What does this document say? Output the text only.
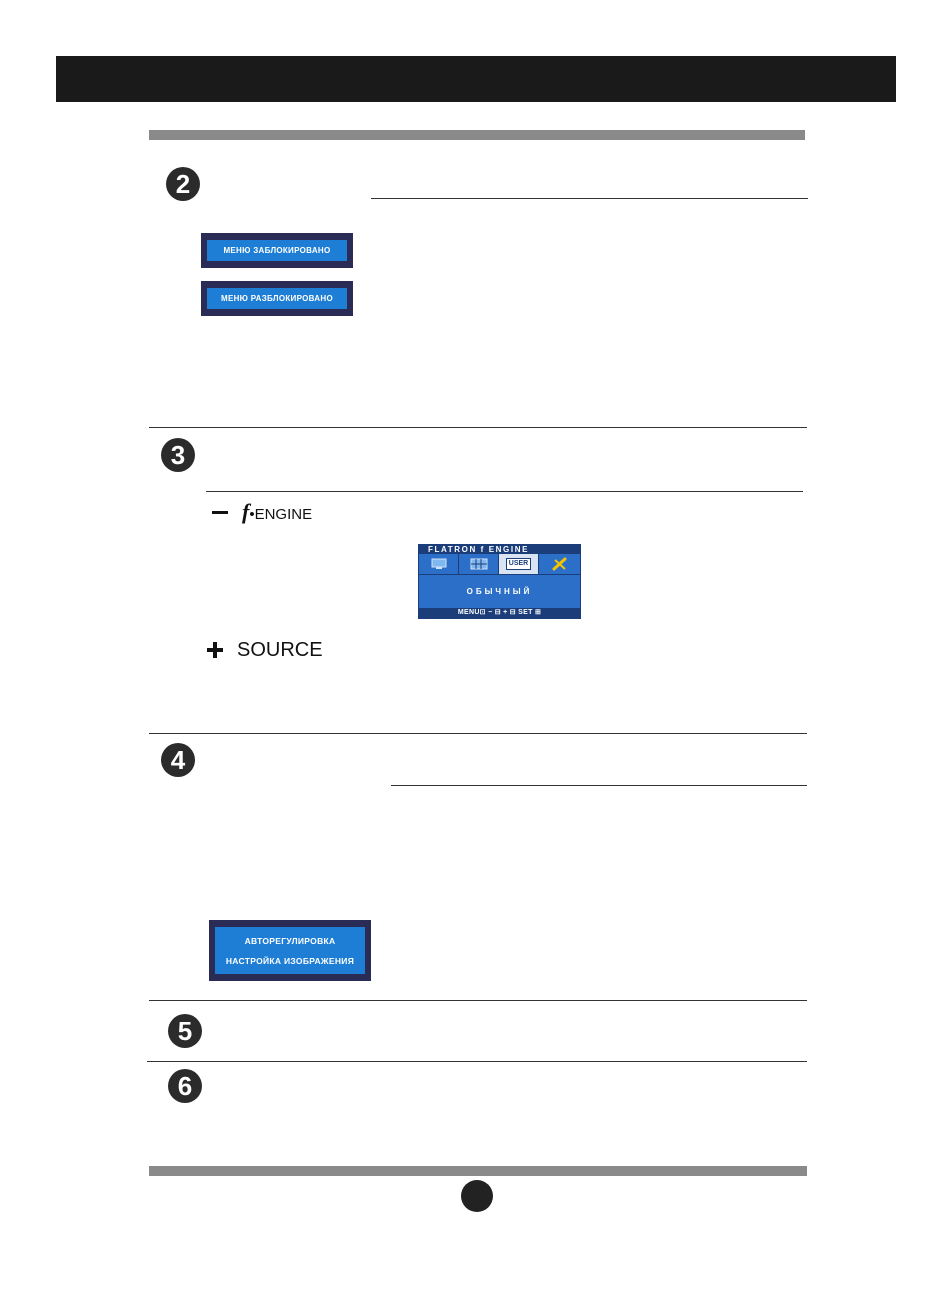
2
МЕНЮ ЗАБЛОКИРОВАНО
МЕНЮ РАЗБЛОКИРОВАНО
3
f •ENGINE
FLATRON f ENGINE
USER
ОБЫЧНЫЙ
MENU⊡ − ⊟ + ⊟ SET ⊞
SOURCE
4
АВТОРЕГУЛИРОВКА
НАСТРОЙКА ИЗОБРАЖЕНИЯ
5
6
